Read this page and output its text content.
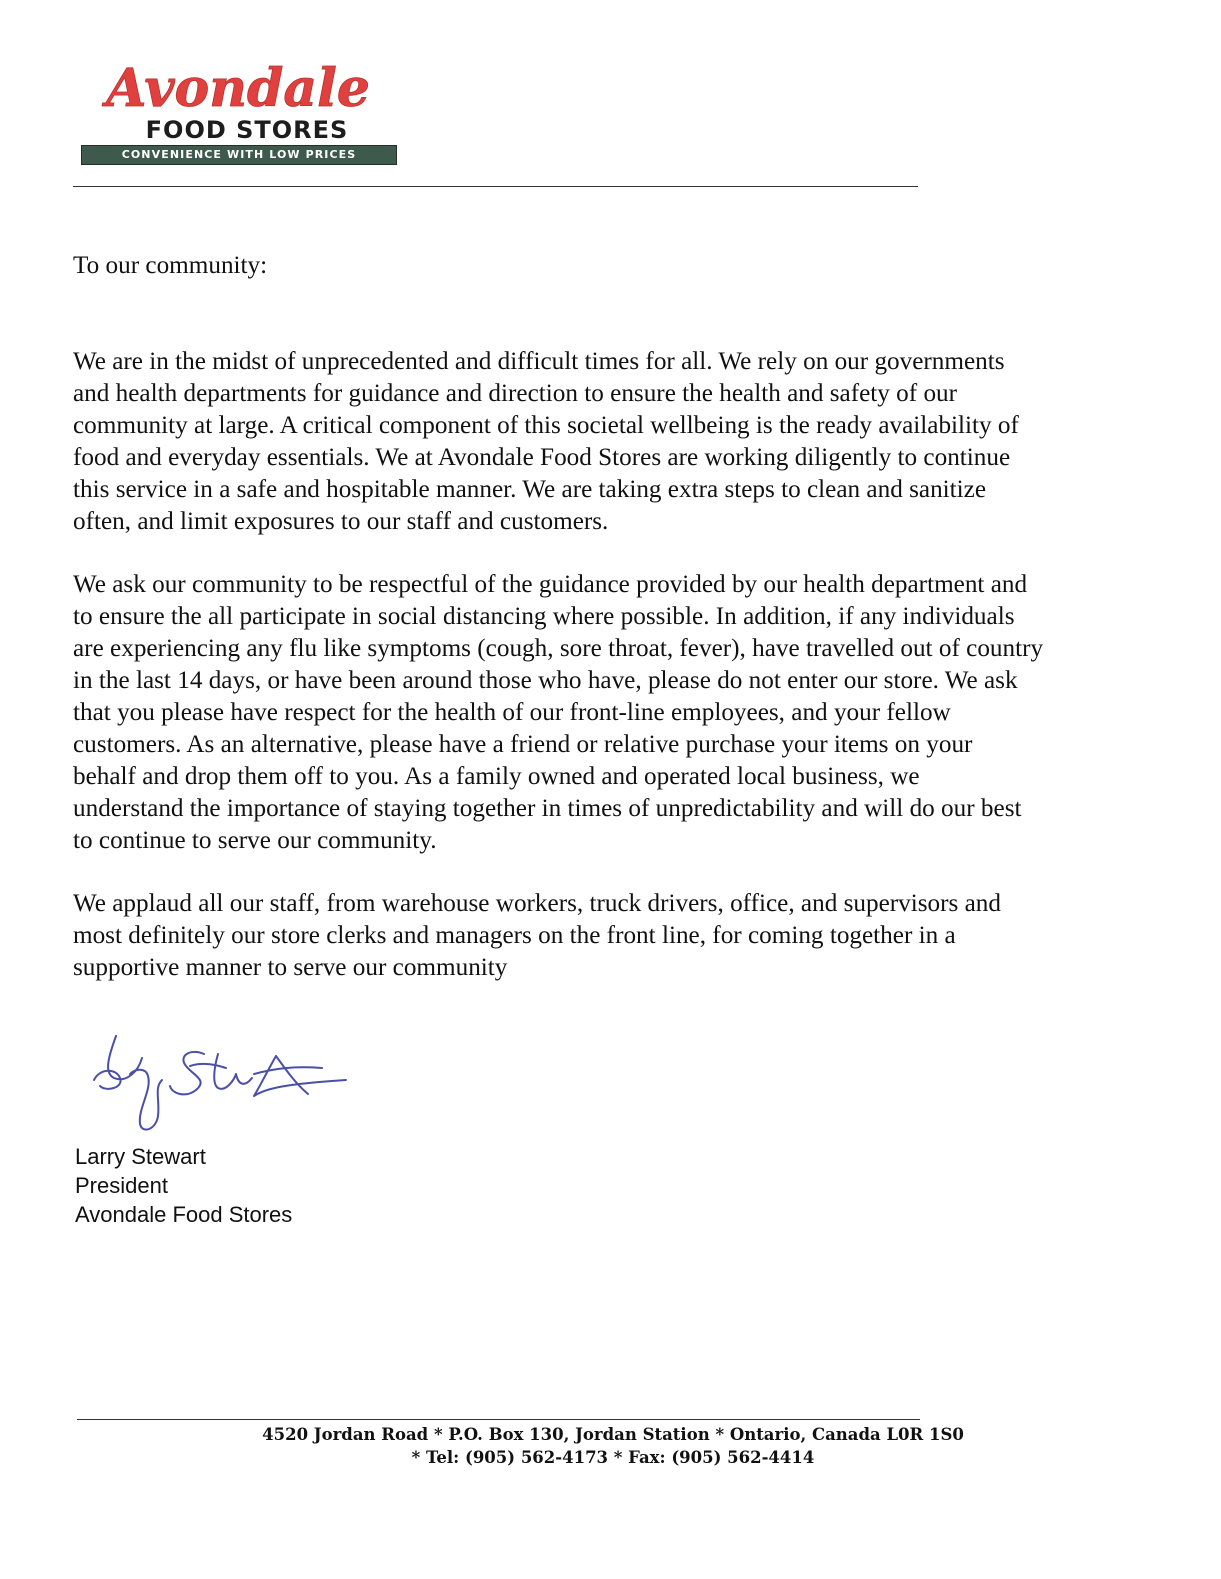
Avondale
FOOD STORES
CONVENIENCE WITH LOW PRICES

To our community:

We are in the midst of unprecedented and difficult times for all. We rely on our governments

and health departments for guidance and direction to ensure the health and safety of our

community at large. A critical component of this societal wellbeing is the ready availability of

food and everyday essentials. We at Avondale Food Stores are working diligently to continue

this service in a safe and hospitable manner. We are taking extra steps to clean and sanitize

often, and limit exposures to our staff and customers.

We ask our community to be respectful of the guidance provided by our health department and

to ensure the all participate in social distancing where possible. In addition, if any individuals

are experiencing any flu like symptoms (cough, sore throat, fever), have travelled out of country

in the last 14 days, or have been around those who have, please do not enter our store. We ask

that you please have respect for the health of our front-line employees, and your fellow

customers. As an alternative, please have a friend or relative purchase your items on your

behalf and drop them off to you. As a family owned and operated local business, we

understand the importance of staying together in times of unpredictability and will do our best

to continue to serve our community.

We applaud all our staff, from warehouse workers, truck drivers, office, and supervisors and

most definitely our store clerks and managers on the front line, for coming together in a

supportive manner to serve our community

Larry Stewart
President
Avondale Food Stores
4520 Jordan Road * P.O. Box 130, Jordan Station * Ontario, Canada L0R 1S0
* Tel: (905) 562-4173 * Fax: (905) 562-4414
